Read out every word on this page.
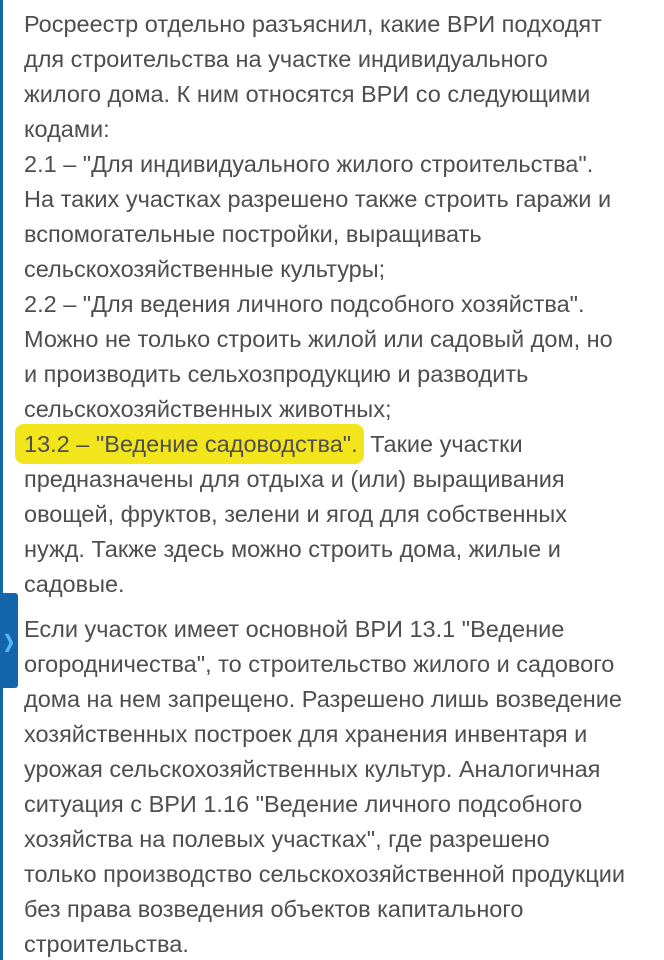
Росреестр отдельно разъяснил, какие ВРИ подходят
для строительства на участке индивидуального
жилого дома. К ним относятся ВРИ со следующими
кодами:
2.1 – "Для индивидуального жилого строительства".
На таких участках разрешено также строить гаражи и
вспомогательные постройки, выращивать
сельскохозяйственные культуры;
2.2 – "Для ведения личного подсобного хозяйства".
Можно не только строить жилой или садовый дом, но
и производить сельхозпродукцию и разводить
сельскохозяйственных животных;
13.2 – "Ведение садоводства". Такие участки
предназначены для отдыха и (или) выращивания
овощей, фруктов, зелени и ягод для собственных
нужд. Также здесь можно строить дома, жилые и
садовые.

Если участок имеет основной ВРИ 13.1 "Ведение
огородничества", то строительство жилого и садового
дома на нем запрещено. Разрешено лишь возведение
хозяйственных построек для хранения инвентаря и
урожая сельскохозяйственных культур. Аналогичная
ситуация с ВРИ 1.16 "Ведение личного подсобного
хозяйства на полевых участках", где разрешено
только производство сельскохозяйственной продукции
без права возведения объектов капитального
строительства.

❯
